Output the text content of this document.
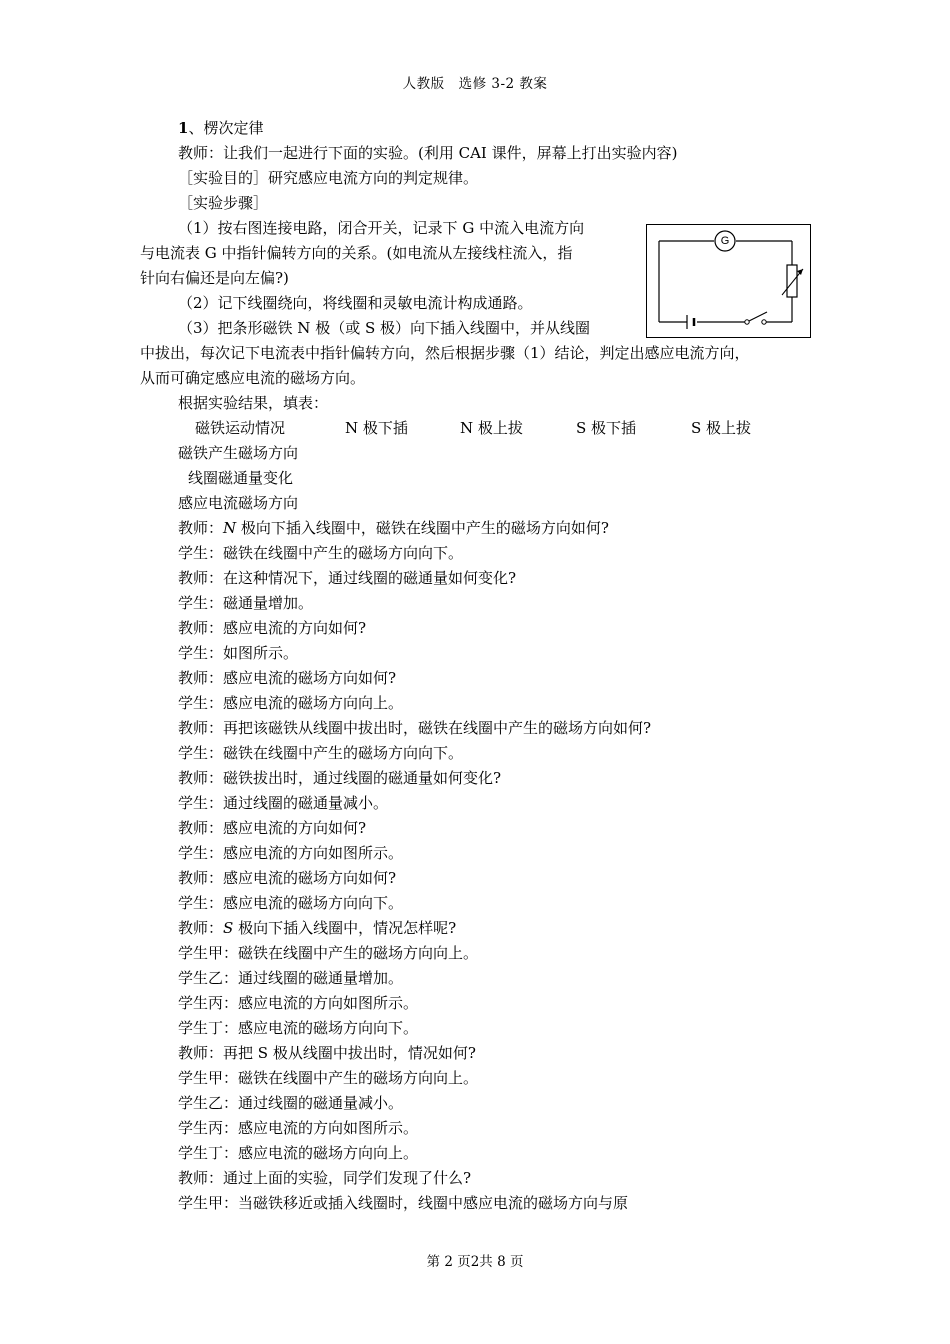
人教版　选修 3-2 教案
1、楞次定律
教师：让我们一起进行下面的实验。(利用 CAI 课件，屏幕上打出实验内容)
［实验目的］研究感应电流方向的判定规律。
［实验步骤］
（1）按右图连接电路，闭合开关，记录下 G 中流入电流方向
与电流表 G 中指针偏转方向的关系。(如电流从左接线柱流入，指
针向右偏还是向左偏?)
（2）记下线圈绕向，将线圈和灵敏电流计构成通路。
（3）把条形磁铁 N 极（或 S 极）向下插入线圈中，并从线圈
中拔出，每次记下电流表中指针偏转方向，然后根据步骤（1）结论，判定出感应电流方向，
从而可确定感应电流的磁场方向。
根据实验结果，填表：
G
磁铁运动情况	N 极下插	N 极上拔	S 极下插	S 极上拔
磁铁产生磁场方向
线圈磁通量变化
感应电流磁场方向
教师：N 极向下插入线圈中，磁铁在线圈中产生的磁场方向如何?
学生：磁铁在线圈中产生的磁场方向向下。
教师：在这种情况下，通过线圈的磁通量如何变化?
学生：磁通量增加。
教师：感应电流的方向如何?
学生：如图所示。
教师：感应电流的磁场方向如何?
学生：感应电流的磁场方向向上。
教师：再把该磁铁从线圈中拔出时，磁铁在线圈中产生的磁场方向如何?
学生：磁铁在线圈中产生的磁场方向向下。
教师：磁铁拔出时，通过线圈的磁通量如何变化?
学生：通过线圈的磁通量减小。
教师：感应电流的方向如何?
学生：感应电流的方向如图所示。
教师：感应电流的磁场方向如何?
学生：感应电流的磁场方向向下。
教师：S 极向下插入线圈中，情况怎样呢?
学生甲：磁铁在线圈中产生的磁场方向向上。
学生乙：通过线圈的磁通量增加。
学生丙：感应电流的方向如图所示。
学生丁：感应电流的磁场方向向下。
教师：再把 S 极从线圈中拔出时，情况如何?
学生甲：磁铁在线圈中产生的磁场方向向上。
学生乙：通过线圈的磁通量减小。
学生丙：感应电流的方向如图所示。
学生丁：感应电流的磁场方向向上。
教师：通过上面的实验，同学们发现了什么?
学生甲：当磁铁移近或插入线圈时，线圈中感应电流的磁场方向与原
第 2 页2共 8 页
